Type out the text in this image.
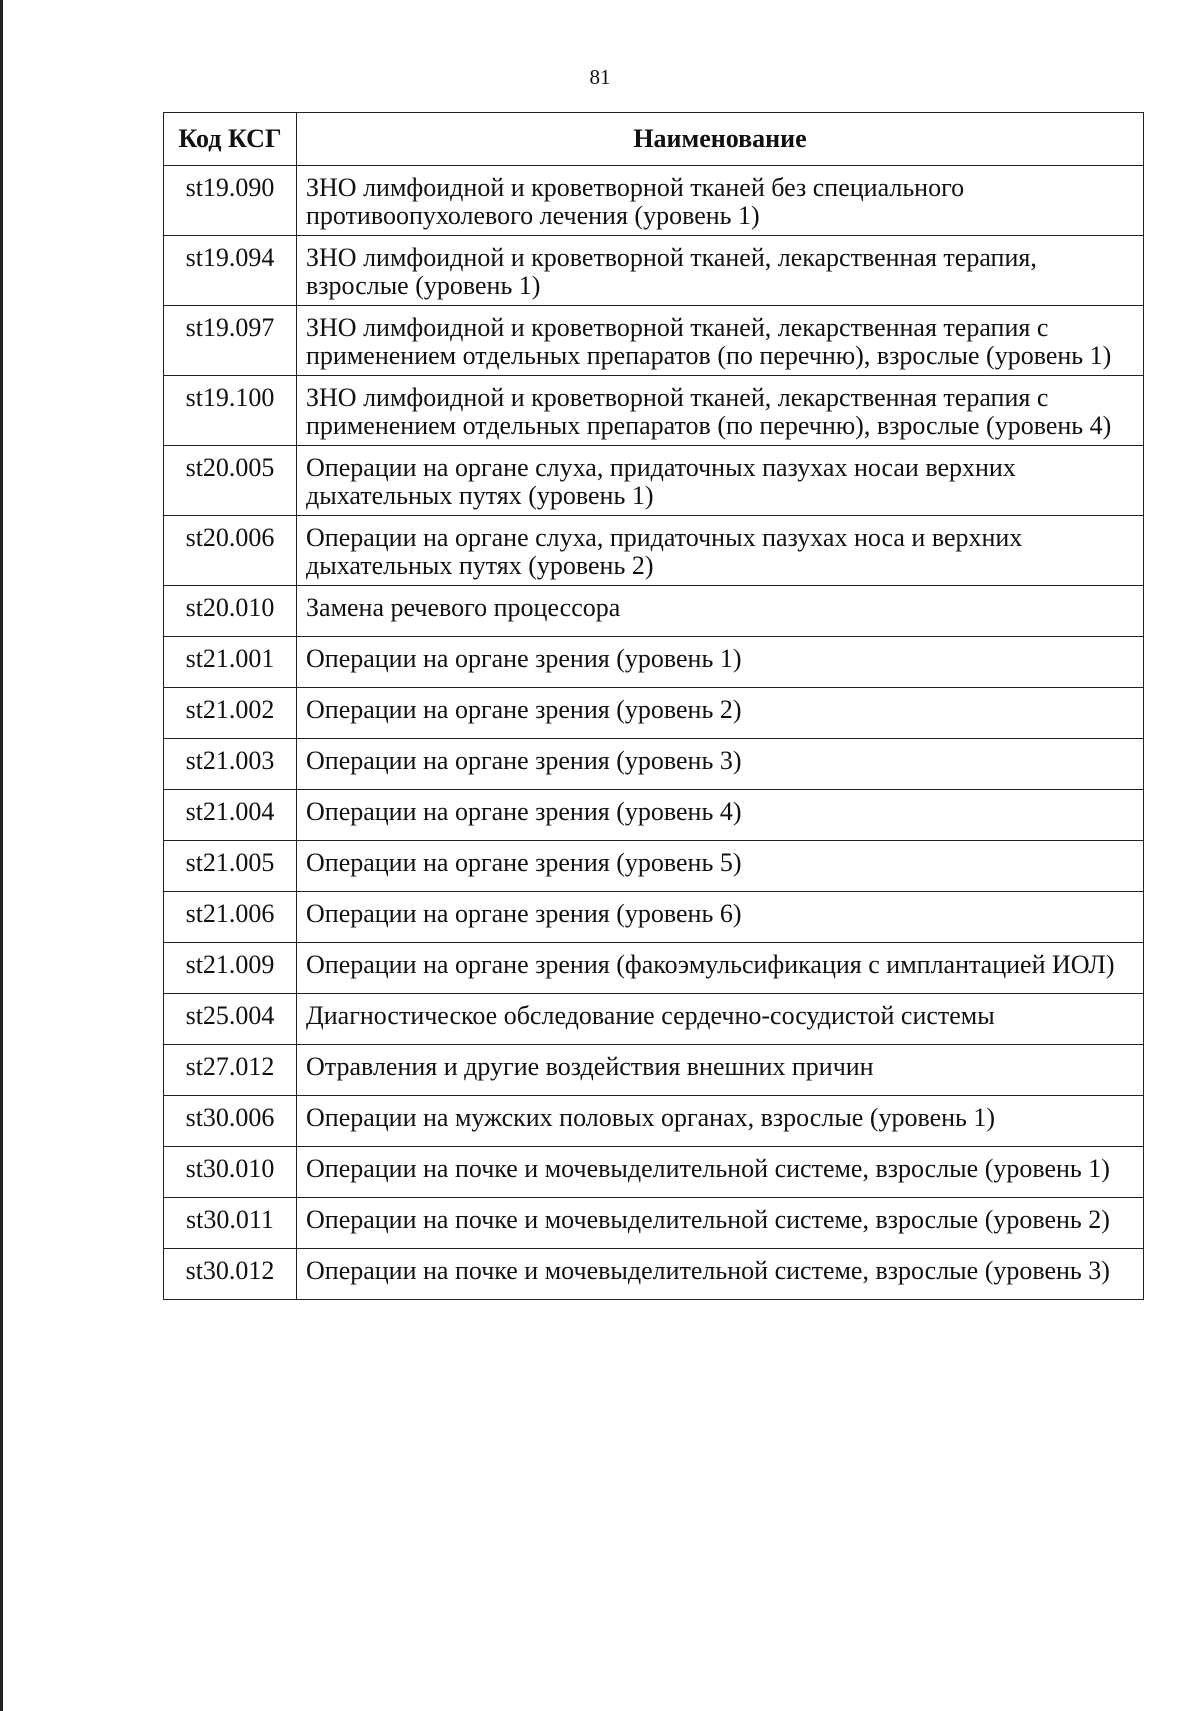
81
Код КСГ	Наименование
st19.090	ЗНО лимфоидной и кроветворной тканей без специального противоопухолевого лечения (уровень 1)
st19.094	ЗНО лимфоидной и кроветворной тканей, лекарственная терапия, взрослые (уровень 1)
st19.097	ЗНО лимфоидной и кроветворной тканей, лекарственная терапия с применением отдельных препаратов (по перечню), взрослые (уровень 1)
st19.100	ЗНО лимфоидной и кроветворной тканей, лекарственная терапия с применением отдельных препаратов (по перечню), взрослые (уровень 4)
st20.005	Операции на органе слуха, придаточных пазухах носаи верхних дыхательных путях (уровень 1)
st20.006	Операции на органе слуха, придаточных пазухах носа и верхних дыхательных путях (уровень 2)
st20.010	Замена речевого процессора
st21.001	Операции на органе зрения (уровень 1)
st21.002	Операции на органе зрения (уровень 2)
st21.003	Операции на органе зрения (уровень 3)
st21.004	Операции на органе зрения (уровень 4)
st21.005	Операции на органе зрения (уровень 5)
st21.006	Операции на органе зрения (уровень 6)
st21.009	Операции на органе зрения (факоэмульсификация с имплантацией ИОЛ)
st25.004	Диагностическое обследование сердечно-сосудистой системы
st27.012	Отравления и другие воздействия внешних причин
st30.006	Операции на мужских половых органах, взрослые (уровень 1)
st30.010	Операции на почке и мочевыделительной системе, взрослые (уровень 1)
st30.011	Операции на почке и мочевыделительной системе, взрослые (уровень 2)
st30.012	Операции на почке и мочевыделительной системе, взрослые (уровень 3)
